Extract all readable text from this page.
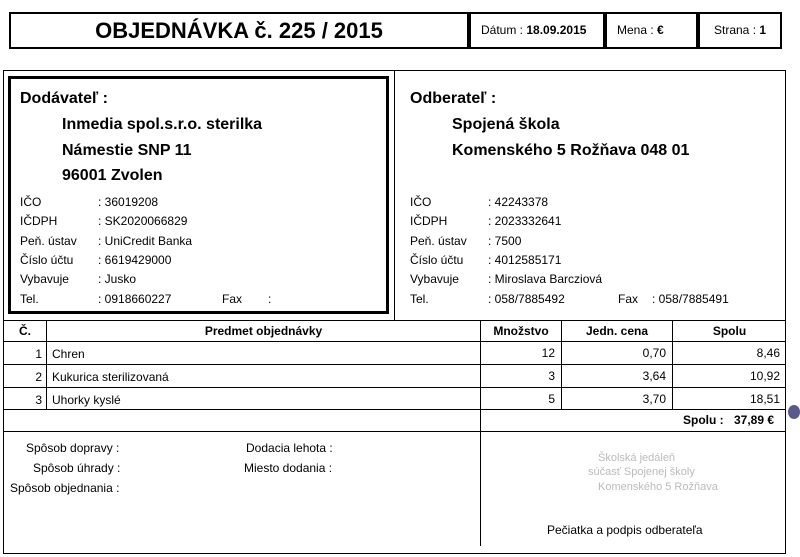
OBJEDNÁVKA č. 225 / 2015	Dátum : 18.09.2015	Mena : €	Strana : 1
Dodávateľ :
Inmedia spol.s.r.o. sterilka
Námestie SNP 11
96001 Zvolen
IČO	: 36019208
IČDPH	: SK2020066829
Peň. ústav : UniCredit Banka
Číslo účtu : 6619429000
Vybavuje : Jusko
Tel.	: 0918660227	Fax :
Odberateľ :
Spojená škola
Komenského 5 Rožňava 048 01
IČO	: 42243378
IČDPH	: 2023332641
Peň. ústav : 7500
Číslo účtu : 4012585171
Vybavuje : Miroslava Barcziová
Tel.	: 058/7885492	Fax : 058/7885491
Č.	Predmet objednávky	Množstvo	Jedn. cena	Spolu
1 Chren	12	0,70	8,46
2 Kukurica sterilizovaná	3	3,64	10,92
3 Uhorky kyslé	5	3,70	18,51
Spolu : 37,89 €
Spôsob dopravy :
Spôsob úhrady :
Spôsob objednania :
Dodacia lehota :
Miesto dodania :
Školská jedáleň
súčasť Spojenej školy
Komenského 5 Rožňava
Pečiatka a podpis odberateľa
